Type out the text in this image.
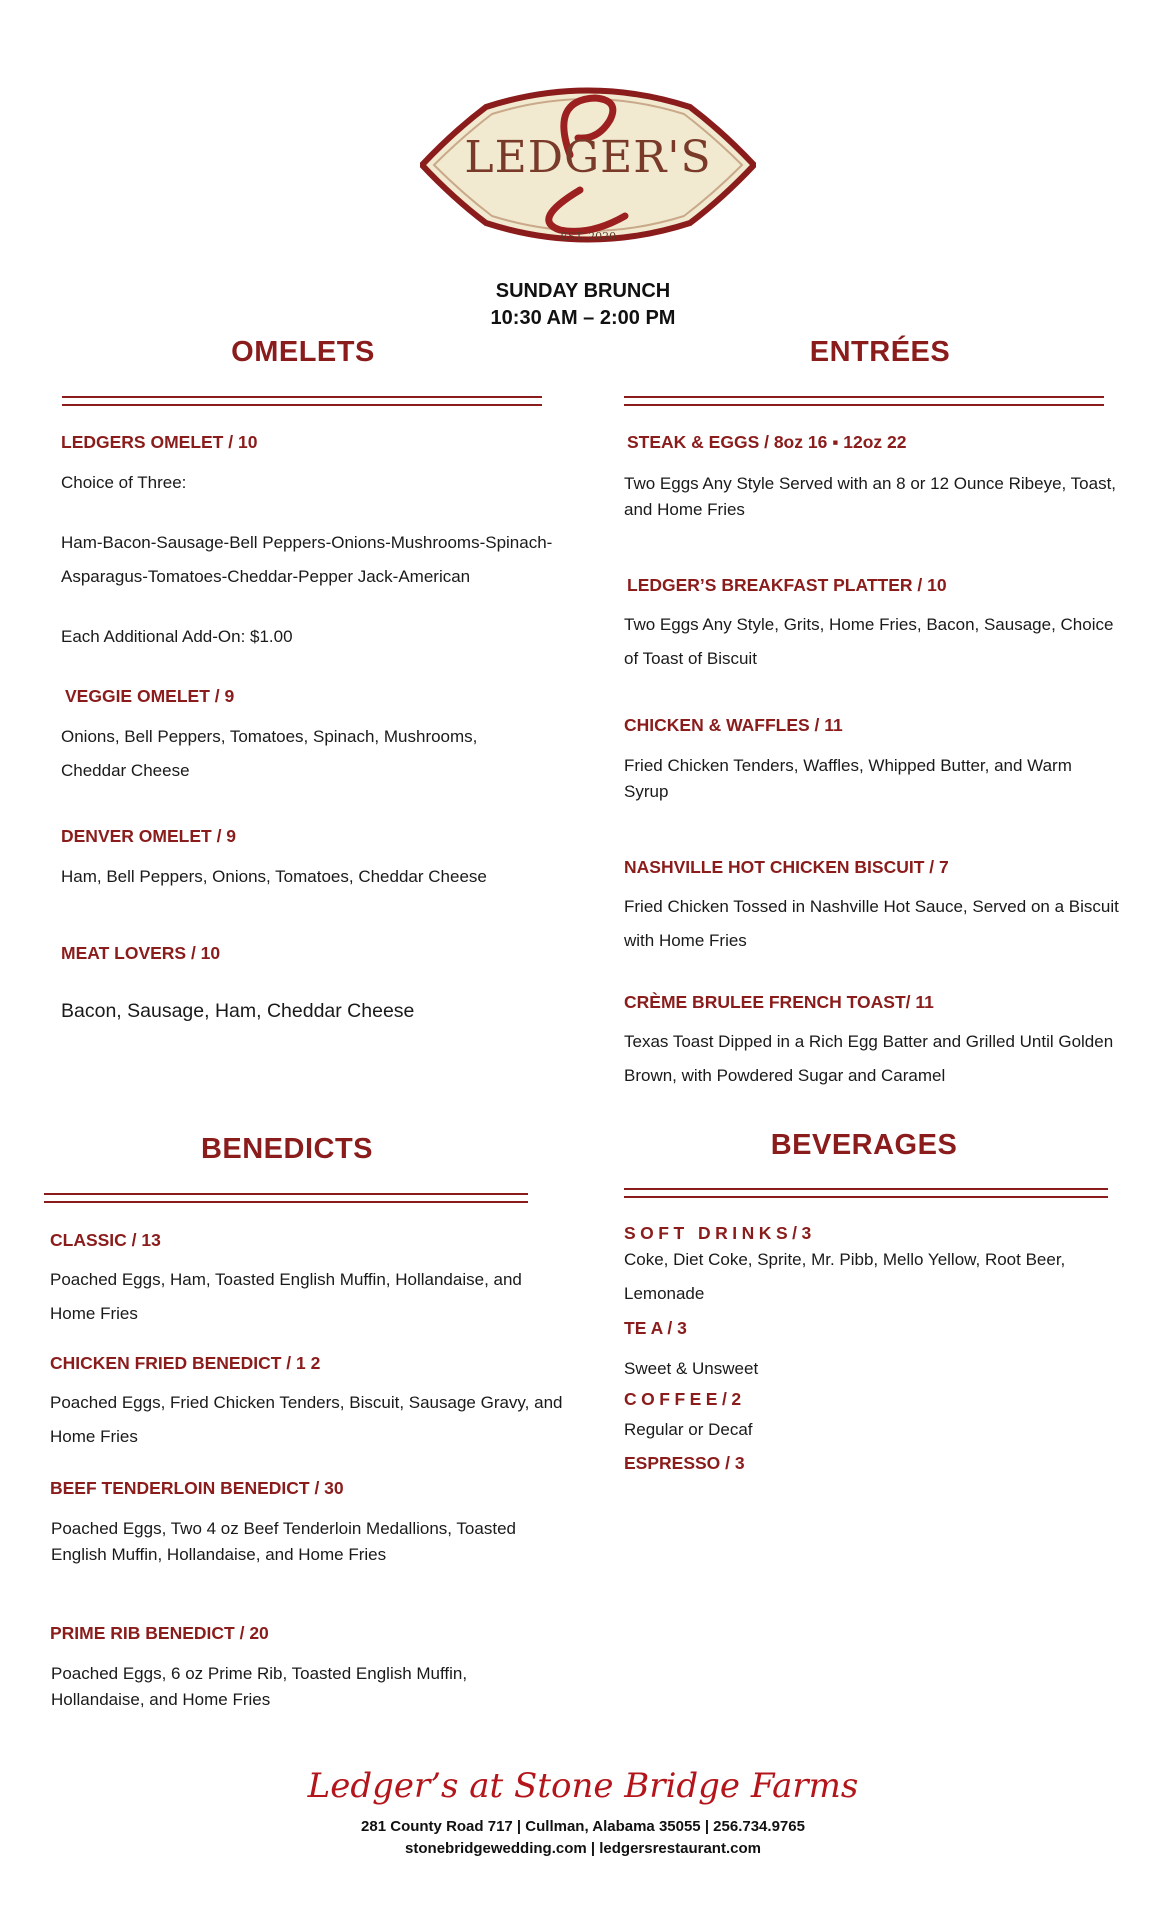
LEDGER'S
EST. 2020
SUNDAY BRUNCH
10:30 AM – 2:00 PM
OMELETS
LEDGERS OMELET / 10
Choice of Three:
Ham-Bacon-Sausage-Bell Peppers-Onions-Mushrooms-Spinach-
Asparagus-Tomatoes-Cheddar-Pepper Jack-American
Each Additional Add-On: $1.00
VEGGIE OMELET / 9
Onions, Bell Peppers, Tomatoes, Spinach, Mushrooms,
Cheddar Cheese
DENVER OMELET / 9
Ham, Bell Peppers, Onions, Tomatoes, Cheddar Cheese
MEAT LOVERS / 10
Bacon, Sausage, Ham, Cheddar Cheese
ENTRÉES
STEAK & EGGS / 8oz 16 ▪ 12oz 22
Two Eggs Any Style Served with an 8 or 12 Ounce Ribeye, Toast,
and Home Fries
LEDGER’S BREAKFAST PLATTER / 10
Two Eggs Any Style, Grits, Home Fries, Bacon, Sausage, Choice
of Toast of Biscuit
CHICKEN & WAFFLES / 11
Fried Chicken Tenders, Waffles, Whipped Butter, and Warm
Syrup
NASHVILLE HOT CHICKEN BISCUIT / 7
Fried Chicken Tossed in Nashville Hot Sauce, Served on a Biscuit
with Home Fries
CRÈME BRULEE FRENCH TOAST/ 11
Texas Toast Dipped in a Rich Egg Batter and Grilled Until Golden
Brown, with Powdered Sugar and Caramel
BENEDICTS
CLASSIC / 13
Poached Eggs, Ham, Toasted English Muffin, Hollandaise, and
Home Fries
CHICKEN FRIED BENEDICT / 1 2
Poached Eggs, Fried Chicken Tenders, Biscuit, Sausage Gravy, and
Home Fries
BEEF TENDERLOIN BENEDICT / 30
Poached Eggs, Two 4 oz Beef Tenderloin Medallions, Toasted
English Muffin, Hollandaise, and Home Fries
PRIME RIB BENEDICT / 20
Poached Eggs, 6 oz Prime Rib, Toasted English Muffin,
Hollandaise, and Home Fries
BEVERAGES
SOFT DRINKS/3
Coke, Diet Coke, Sprite, Mr. Pibb, Mello Yellow, Root Beer,
Lemonade
TE A / 3
Sweet & Unsweet
COFFEE/2
Regular or Decaf
ESPRESSO / 3
Ledger’s at Stone Bridge Farms
281 County Road 717 | Cullman, Alabama 35055 | 256.734.9765
stonebridgewedding.com | ledgersrestaurant.com
